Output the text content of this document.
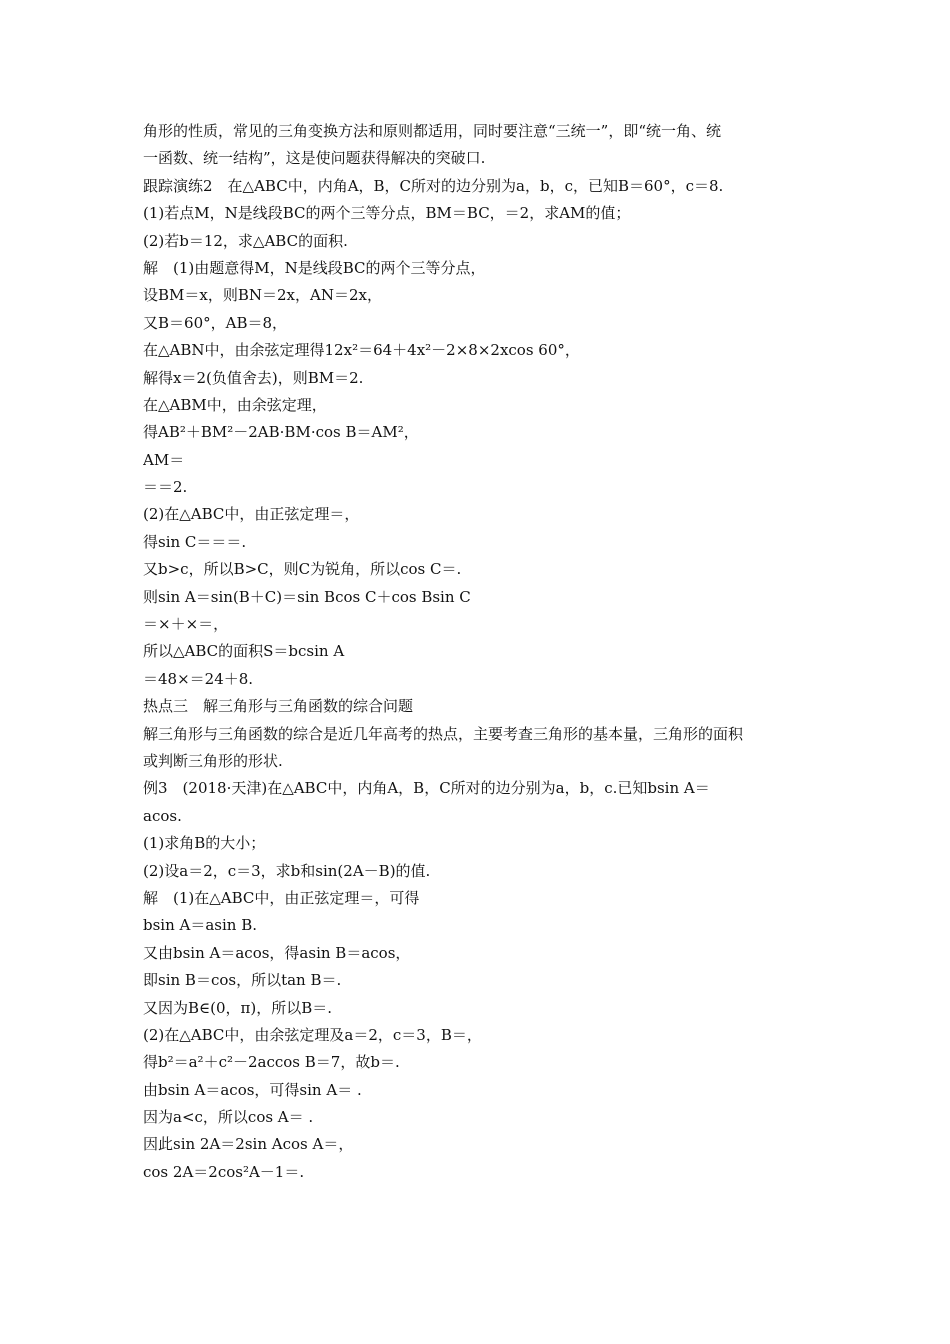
角形的性质，常见的三角变换方法和原则都适用，同时要注意“三统一”，即“统一角、统
一函数、统一结构”，这是使问题获得解决的突破口.
跟踪演练2　在△ABC中，内角A，B，C所对的边分别为a，b，c，已知B＝60°，c＝8.
(1)若点M，N是线段BC的两个三等分点，BM＝BC，＝2，求AM的值；
(2)若b＝12，求△ABC的面积.
解　(1)由题意得M，N是线段BC的两个三等分点，
设BM＝x，则BN＝2x，AN＝2x，
又B＝60°，AB＝8，
在△ABN中，由余弦定理得12x²＝64＋4x²－2×8×2xcos 60°，
解得x＝2(负值舍去)，则BM＝2.
在△ABM中，由余弦定理，
得AB²＋BM²－2AB·BM·cos B＝AM²，
AM＝
＝＝2.
(2)在△ABC中，由正弦定理＝，
得sin C＝＝＝.
又b>c，所以B>C，则C为锐角，所以cos C＝.
则sin A＝sin(B＋C)＝sin Bcos C＋cos Bsin C
＝×＋×＝，
所以△ABC的面积S＝bcsin A
＝48×＝24＋8.
热点三　解三角形与三角函数的综合问题
解三角形与三角函数的综合是近几年高考的热点，主要考查三角形的基本量，三角形的面积
或判断三角形的形状.
例3　(2018·天津)在△ABC中，内角A，B，C所对的边分别为a，b，c.已知bsin A＝
acos.
(1)求角B的大小；
(2)设a＝2，c＝3，求b和sin(2A－B)的值.
解　(1)在△ABC中，由正弦定理＝，可得
bsin A＝asin B.
又由bsin A＝acos，得asin B＝acos，
即sin B＝cos，所以tan B＝.
又因为B∈(0，π)，所以B＝.
(2)在△ABC中，由余弦定理及a＝2，c＝3，B＝，
得b²＝a²＋c²－2accos B＝7，故b＝.
由bsin A＝acos，可得sin A＝ .
因为a<c，所以cos A＝ .
因此sin 2A＝2sin Acos A＝，
cos 2A＝2cos²A－1＝.
